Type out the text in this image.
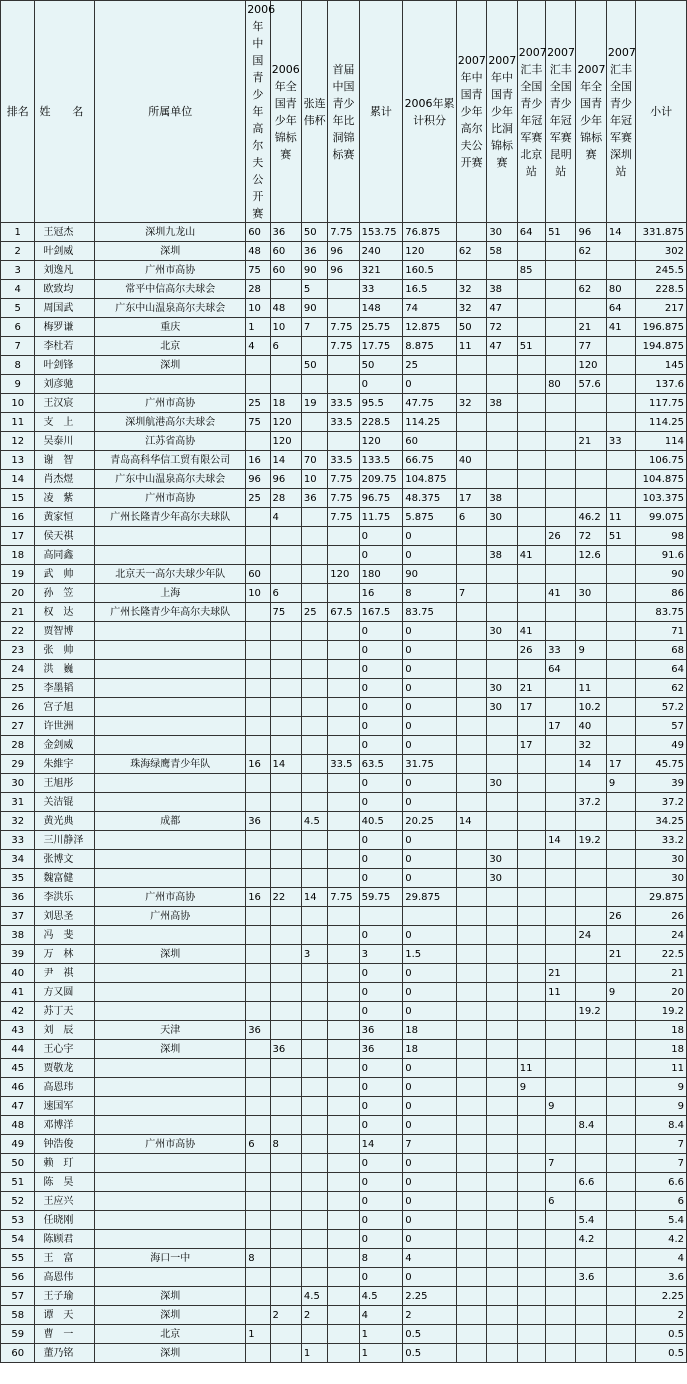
排名	姓　　名	所属单位	2006年中国青少年高尔夫公开赛	2006年全国青少年锦标赛	张连伟杯	首届中国青少年比洞锦标赛	累计	2006年累计积分	2007年中国青少年高尔夫公开赛	2007年中国青少年比洞锦标赛	2007汇丰全国青少年冠军赛北京站	2007汇丰全国青少年冠军赛昆明站	2007年全国青少年锦标赛	2007汇丰全国青少年冠军赛深圳站	小计
1	王冠杰	深圳九龙山	60	36	50	7.75	153.75	76.875		30	64	51	96	14	331.875
2	叶剑威	深圳	48	60	36	96	240	120	62	58			62		302
3	刘逸凡	广州市高协	75	60	90	96	321	160.5			85				245.5
4	欧致均	常平中信高尔夫球会	28		5		33	16.5	32	38			62	80	228.5
5	周国武	广东中山温泉高尔夫球会	10	48	90		148	74	32	47				64	217
6	梅罗谦	重庆	1	10	7	7.75	25.75	12.875	50	72			21	41	196.875
7	李杜若	北京	4	6		7.75	17.75	8.875	11	47	51		77		194.875
8	叶剑锋	深圳			50		50	25					120		145
9	刘彦驰						0	0				80	57.6		137.6
10	王汉宸	广州市高协	25	18	19	33.5	95.5	47.75	32	38					117.75
11	支　上	深圳航港高尔夫球会	75	120		33.5	228.5	114.25							114.25
12	吴泰川	江苏省高协		120			120	60					21	33	114
13	谢　智	青岛高科华信工贸有限公司	16	14	70	33.5	133.5	66.75	40						106.75
14	肖杰煜	广东中山温泉高尔夫球会	96	96	10	7.75	209.75	104.875							104.875
15	凌　紫	广州市高协	25	28	36	7.75	96.75	48.375	17	38					103.375
16	黄家恒	广州长隆青少年高尔夫球队		4		7.75	11.75	5.875	6	30			46.2	11	99.075
17	侯天祺						0	0				26	72	51	98
18	高同鑫						0	0		38	41		12.6		91.6
19	武　帅	北京天一高尔夫球少年队	60			120	180	90							90
20	孙　笠	上海	10	6			16	8	7			41	30		86
21	权　达	广州长隆青少年高尔夫球队		75	25	67.5	167.5	83.75							83.75
22	贾智博						0	0		30	41				71
23	张　帅						0	0			26	33	9		68
24	洪　巍						0	0				64			64
25	李墨韬						0	0		30	21		11		62
26	宫子旭						0	0		30	17		10.2		57.2
27	许世洲						0	0				17	40		57
28	金剑威						0	0			17		32		49
29	朱維宇	珠海绿鹰青少年队	16	14		33.5	63.5	31.75					14	17	45.75
30	王旭彤						0	0		30				9	39
31	关洁锟						0	0					37.2		37.2
32	黄光典	成都	36		4.5		40.5	20.25	14						34.25
33	三川静泽						0	0				14	19.2		33.2
34	张博文						0	0		30					30
35	魏富健						0	0		30					30
36	李洪乐	广州市高协	16	22	14	7.75	59.75	29.875							29.875
37	刘思圣	广州高协												26	26
38	冯　斐						0	0					24		24
39	万　林	深圳			3		3	1.5						21	22.5
40	尹　祺						0	0				21			21
41	方又圆						0	0				11		9	20
42	苏丁天						0	0					19.2		19.2
43	刘　辰	天津	36				36	18							18
44	王心宇	深圳		36			36	18							18
45	贾敬龙						0	0			11				11
46	高恩玮						0	0			9				9
47	速国军						0	0				9			9
48	邓博洋						0	0					8.4		8.4
49	钟浩俊	广州市高协	6	8			14	7							7
50	赖　玎						0	0				7			7
51	陈　昊						0	0					6.6		6.6
52	王应兴						0	0				6			6
53	任晓刚						0	0					5.4		5.4
54	陈顾君						0	0					4.2		4.2
55	王　富	海口一中	8				8	4							4
56	高恩伟						0	0					3.6		3.6
57	王子瑜	深圳			4.5		4.5	2.25							2.25
58	谭　天	深圳		2	2		4	2							2
59	曹　一	北京	1				1	0.5							0.5
60	董乃铭	深圳			1		1	0.5							0.5
